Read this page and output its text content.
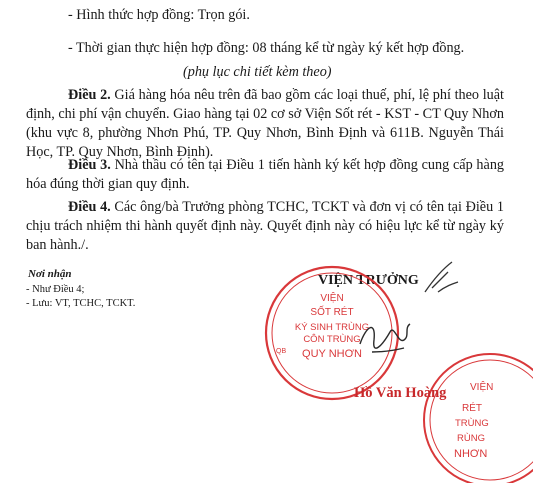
- Hình thức hợp đồng: Trọn gói.
- Thời gian thực hiện hợp đồng: 08 tháng kể từ ngày ký kết hợp đồng.
(phụ lục chi tiết kèm theo)
Điều 2. Giá hàng hóa nêu trên đã bao gồm các loại thuế, phí, lệ phí theo luật định, chi phí vận chuyển. Giao hàng tại 02 cơ sở Viện Sốt rét - KST - CT Quy Nhơn (khu vực 8, phường Nhơn Phú, TP. Quy Nhơn, Bình Định và 611B. Nguyễn Thái Học, TP. Quy Nhơn, Bình Định).
Điều 3. Nhà thầu có tên tại Điều 1 tiến hành ký kết hợp đồng cung cấp hàng hóa đúng thời gian quy định.
Điều 4. Các ông/bà Trưởng phòng TCHC, TCKT và đơn vị có tên tại Điều 1 chịu trách nhiệm thi hành quyết định này. Quyết định này có hiệu lực kể từ ngày ký ban hành./.
Nơi nhận
- Như Điều 4;
- Lưu: VT, TCHC, TCKT.
VIỆN TRƯỞNG
VIỆN
SỐT RÉT
KÝ SINH TRÙNG
CÔN TRÙNG
QUY NHƠN
QB
VIỆN
RÉT
TRÙNG
RÙNG
NHƠN
Hồ Văn Hoàng
